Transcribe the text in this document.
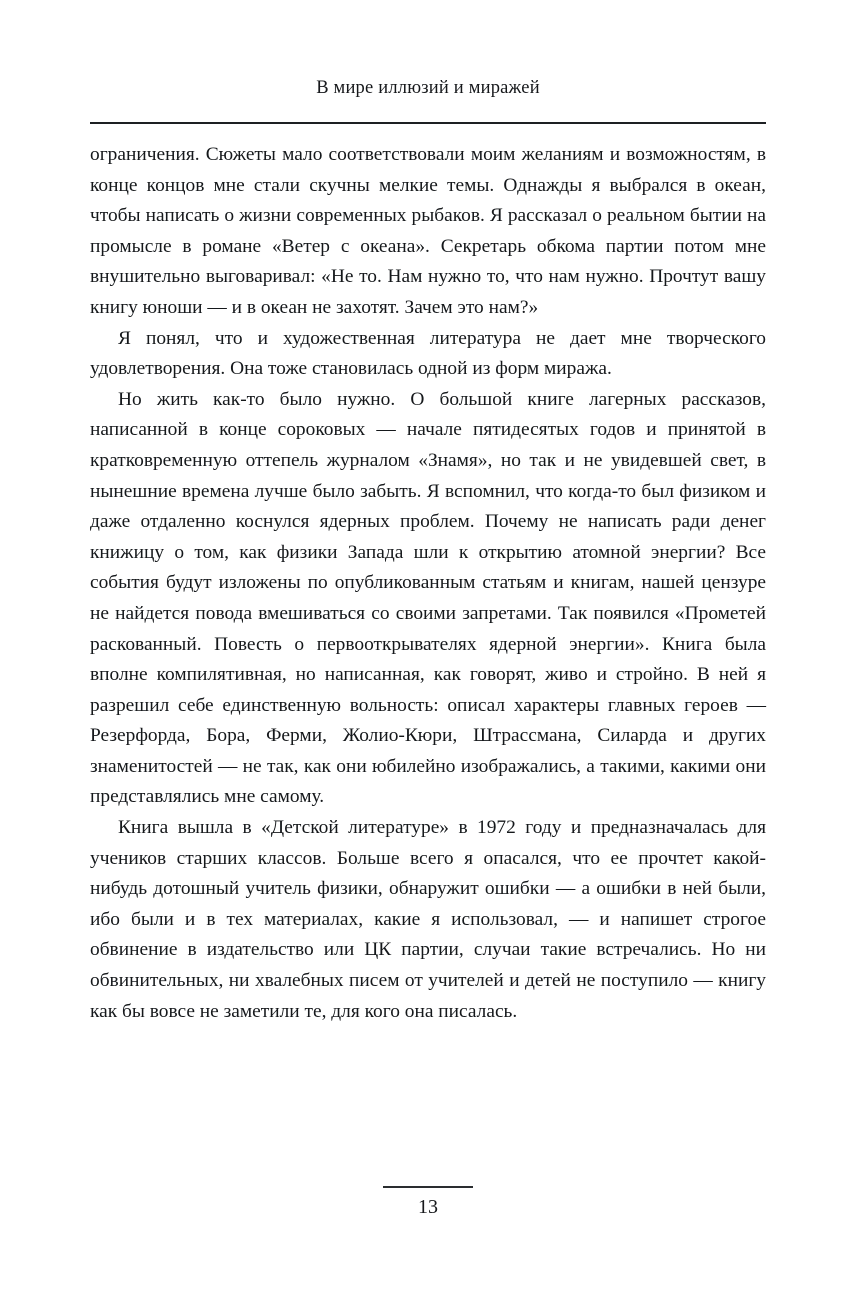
В мире иллюзий и миражей

ограничения. Сюжеты мало соответствовали моим желаниям и возможностям, в конце концов мне стали скучны мелкие темы. Однажды я выбрался в океан, чтобы написать о жизни современных рыбаков. Я рассказал о реальном бытии на промысле в романе «Ветер с океана». Секретарь обкома партии потом мне внушительно выговаривал: «Не то. Нам нужно то, что нам нужно. Прочтут вашу книгу юноши — и в океан не захотят. Зачем это нам?»

Я понял, что и художественная литература не дает мне творческого удовлетворения. Она тоже становилась одной из форм миража.

Но жить как-то было нужно. О большой книге лагерных рассказов, написанной в конце сороковых — начале пятидесятых годов и принятой в кратковременную оттепель журналом «Знамя», но так и не увидевшей свет, в нынешние времена лучше было забыть. Я вспомнил, что когда-то был физиком и даже отдаленно коснулся ядерных проблем. Почему не написать ради денег книжицу о том, как физики Запада шли к открытию атомной энергии? Все события будут изложены по опубликованным статьям и книгам, нашей цензуре не найдется повода вмешиваться со своими запретами. Так появился «Прометей раскованный. Повесть о первооткрывателях ядерной энергии». Книга была вполне компилятивная, но написанная, как говорят, живо и стройно. В ней я разрешил себе единственную вольность: описал характеры главных героев — Резерфорда, Бора, Ферми, Жолио-Кюри, Штрассмана, Силарда и других знаменитостей — не так, как они юбилейно изображались, а такими, какими они представлялись мне самому.

Книга вышла в «Детской литературе» в 1972 году и предназначалась для учеников старших классов. Больше всего я опасался, что ее прочтет какой-нибудь дотошный учитель физики, обнаружит ошибки — а ошибки в ней были, ибо были и в тех материалах, какие я использовал, — и напишет строгое обвинение в издательство или ЦК партии, случаи такие встречались. Но ни обвинительных, ни хвалебных писем от учителей и детей не поступило — книгу как бы вовсе не заметили те, для кого она писалась.

13
